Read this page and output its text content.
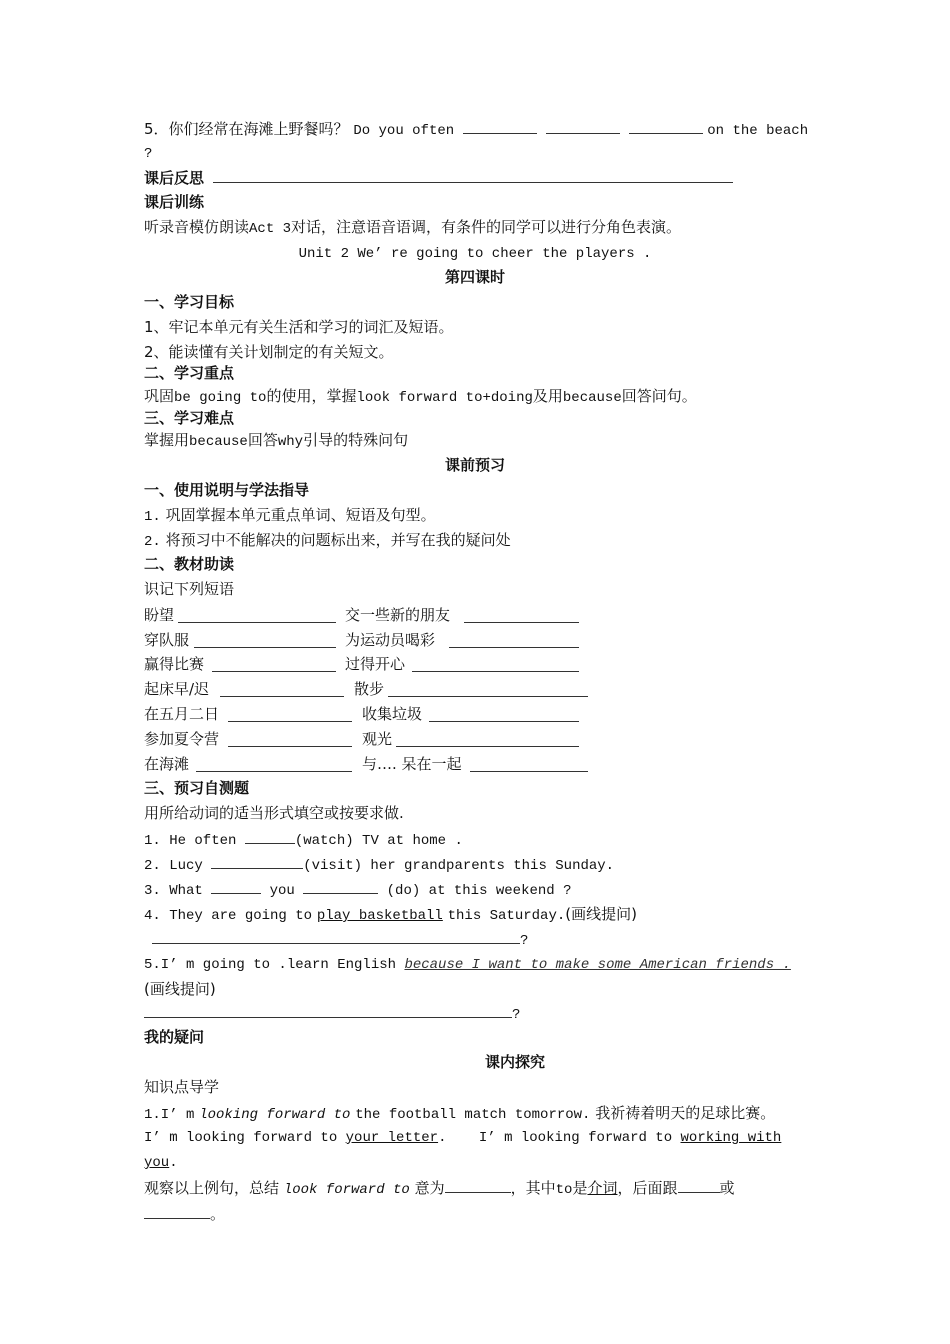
5．你们经常在海滩上野餐吗？ Do you often	on the beach
?
课后反思
课后训练
听录音模仿朗读Act 3对话，注意语音语调，有条件的同学可以进行分角色表演。
Unit 2 We’ re going to cheer the players .
第四课时
一、学习目标
1、牢记本单元有关生活和学习的词汇及短语。
2、能读懂有关计划制定的有关短文。
二、学习重点
巩固be going to的使用，掌握look forward to+doing及用because回答问句。
三、学习难点
掌握用because回答why引导的特殊问句
课前预习
一、使用说明与学法指导
1. 巩固掌握本单元重点单词、短语及句型。
2. 将预习中不能解决的问题标出来，并写在我的疑问处
二、教材助读
识记下列短语
盼望	交一些新的朋友
穿队服	为运动员喝彩
赢得比赛	过得开心
起床早/迟	散步
在五月二日	收集垃圾
参加夏令营	观光
在海滩	与…. 呆在一起
三、预习自测题
用所给动词的适当形式填空或按要求做.
1. He often	(watch) TV at home .
2. Lucy	(visit) her grandparents this Sunday.
3. What	you	(do) at this weekend ?
4. They are going to play basketball this Saturday.(画线提问)
?
5.I’ m going to .learn English because I want to make some American friends .
(画线提问)
?
我的疑问
课内探究
知识点导学
1.I’ m looking forward to the football match tomorrow. 我祈祷着明天的足球比赛。
I’ m looking forward to your letter. I’ m looking forward to working with
you.
观察以上例句，总结 look forward to 意为	，其中to是介词，后面跟	或
。
